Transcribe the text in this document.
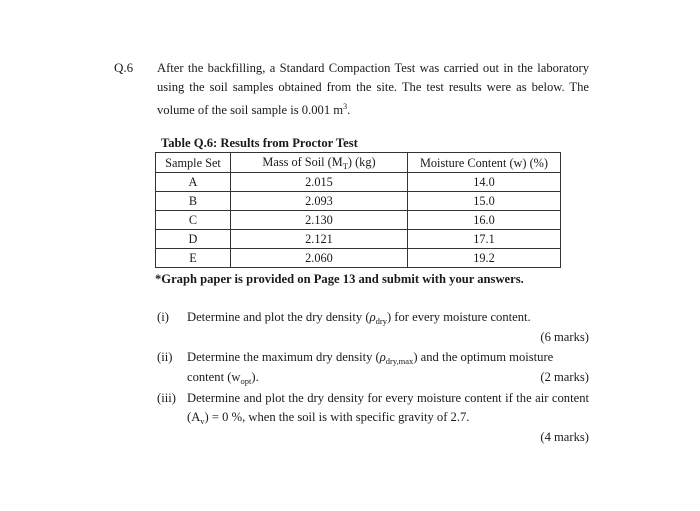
Q.6 After the backfilling, a Standard Compaction Test was carried out in the laboratory using the soil samples obtained from the site. The test results were as below. The volume of the soil sample is 0.001 $m^3$.
Table Q.6: Results from Proctor Test
Sample Set	Mass of Soil $(M_T)$ (kg)	Moisture Content (w) (%)
A	2.015	14.0
B	2.093	15.0
C	2.130	16.0
D	2.121	17.1
E	2.060	19.2
*Graph paper is provided on Page 13 and submit with your answers.
(i) Determine and plot the dry density $(\rho_{dry})$ for every moisture content.
(6 marks)
(ii) Determine the maximum dry density $(\rho_{dry,max})$ and the optimum moisture
content $(w_{opt})$.	(2 marks)
(iii) Determine and plot the dry density for every moisture content if the air content $(A_v) = 0$ %, when the soil is with specific gravity of 2.7.
(4 marks)
